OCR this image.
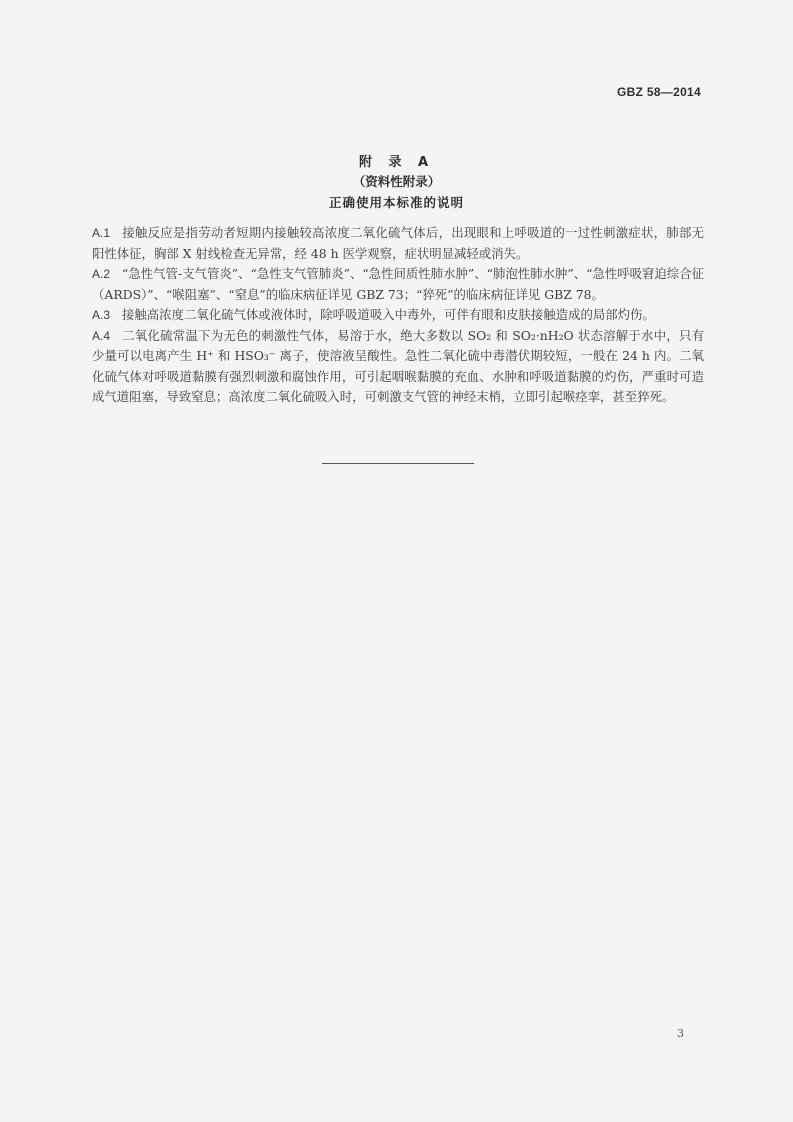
GBZ 58—2014
附 录 A
（资料性附录）
正确使用本标准的说明

A.1 接触反应是指劳动者短期内接触较高浓度二氧化硫气体后，出现眼和上呼吸道的一过性刺激症状，肺部无阳性体征，胸部 X 射线检查无异常，经 48 h 医学观察，症状明显减轻或消失。

A.2 “急性气管-支气管炎”、“急性支气管肺炎”、“急性间质性肺水肿”、“肺泡性肺水肿”、“急性呼吸窘迫综合征（ARDS）”、“喉阻塞”、“窒息”的临床病征详见 GBZ 73；“猝死”的临床病征详见 GBZ 78。

A.3 接触高浓度二氧化硫气体或液体时，除呼吸道吸入中毒外，可伴有眼和皮肤接触造成的局部灼伤。

A.4 二氧化硫常温下为无色的刺激性气体，易溶于水，绝大多数以 SO₂ 和 SO₂·nH₂O 状态溶解于水中，只有少量可以电离产生 H⁺ 和 HSO₃⁻ 离子，使溶液呈酸性。急性二氧化硫中毒潜伏期较短，一般在 24 h 内。二氧化硫气体对呼吸道黏膜有强烈刺激和腐蚀作用，可引起咽喉黏膜的充血、水肿和呼吸道黏膜的灼伤，严重时可造成气道阻塞，导致窒息；高浓度二氧化硫吸入时，可刺激支气管的神经末梢，立即引起喉痉挛，甚至猝死。

3
